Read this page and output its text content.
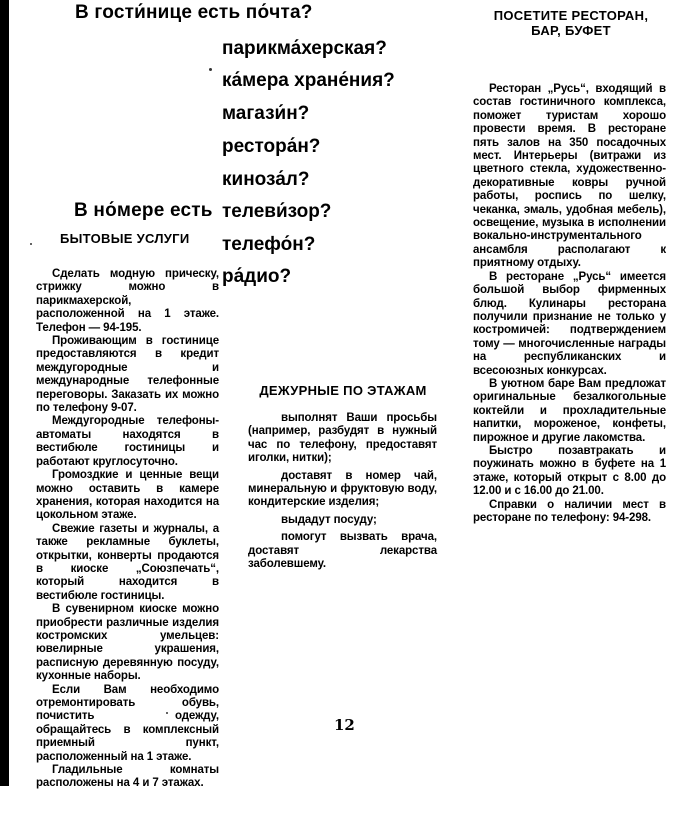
В гости́нице есть по́чта?
парикма́херская?
ка́мера хране́ния?
магази́н?
рестора́н?
киноза́л?
телеви́зор?
телефо́н?
ра́дио?
В но́мере есть
БЫТОВЫЕ УСЛУГИ

Сделать модную прическу, стрижку можно в парикмахерской, расположенной на 1 этаже. Телефон — 94-195.

Проживающим в гостинице предоставляются в кредит междугородные и международные телефонные переговоры. Заказать их можно по телефону 9-07.

Междугородные телефоны-автоматы находятся в вестибюле гостиницы и работают круглосуточно.

Громоздкие и ценные вещи можно оставить в камере хранения, которая находится на цокольном этаже.

Свежие газеты и журналы, а также рекламные буклеты, открытки, конверты продаются в киоске „Союзпечать“, который находится в вестибюле гостиницы.

В сувенирном киоске можно приобрести различные изделия костромских умельцев: ювелирные украшения, расписную деревянную посуду, кухонные наборы.

Если Вам необходимо отремонтировать обувь, почистить одежду, обращайтесь в комплексный приемный пункт, расположенный на 1 этаже.

Гладильные комнаты расположены на 4 и 7 этажах.

ДЕЖУРНЫЕ ПО ЭТАЖАМ

выполнят Ваши просьбы (например, разбудят в нужный час по телефону, предоставят иголки, нитки);

доставят в номер чай, минеральную и фруктовую воду, кондитерские изделия;

выдадут посуду;

помогут вызвать врача, доставят лекарства заболевшему.

ПОСЕТИТЕ РЕСТОРАН,
БАР, БУФЕТ

Ресторан „Русь“, входящий в состав гостиничного комплекса, поможет туристам хорошо провести время. В ресторане пять залов на 350 посадочных мест. Интерьеры (витражи из цветного стекла, художественно-декоративные ковры ручной работы, роспись по шелку, чеканка, эмаль, удобная мебель), освещение, музыка в исполнении вокально-инструментального ансамбля располагают к приятному отдыху.

В ресторане „Русь“ имеется большой выбор фирменных блюд. Кулинары ресторана получили признание не только у костромичей: подтверждением тому — многочисленные награды на республиканских и всесоюзных конкурсах.

В уютном баре Вам предложат оригинальные безалкогольные коктейли и прохладительные напитки, мороженое, конфеты, пирожное и другие лакомства.

Быстро позавтракать и поужинать можно в буфете на 1 этаже, который открыт с 8.00 до 12.00 и с 16.00 до 21.00.

Справки о наличии мест в ресторане по телефону: 94-298.

12
